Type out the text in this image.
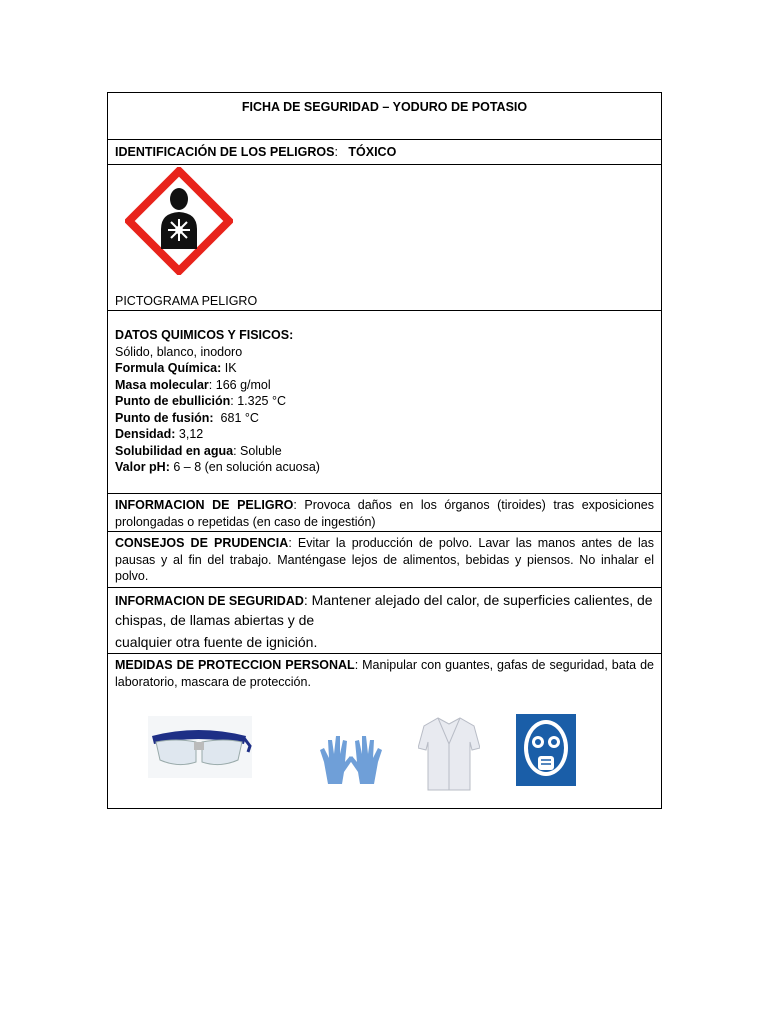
FICHA DE SEGURIDAD – YODURO DE POTASIO
IDENTIFICACIÓN DE LOS PELIGROS:   TÓXICO
PICTOGRAMA PELIGRO
DATOS QUIMICOS Y FISICOS:
Sólido, blanco, inodoro
Formula Química: IK
Masa molecular: 166 g/mol
Punto de ebullición: 1.325 °C
Punto de fusión:  681 °C
Densidad: 3,12
Solubilidad en agua: Soluble
Valor pH: 6 – 8 (en solución acuosa)
INFORMACION DE PELIGRO: Provoca daños en los órganos (tiroides) tras exposiciones prolongadas o repetidas (en caso de ingestión)
CONSEJOS DE PRUDENCIA: Evitar la producción de polvo. Lavar las manos antes de las pausas y al fin del trabajo. Manténgase lejos de alimentos, bebidas y piensos. No inhalar el polvo.
INFORMACION DE SEGURIDAD: Mantener alejado del calor, de superficies calientes, de chispas, de llamas abiertas y de
cualquier otra fuente de ignición.
MEDIDAS DE PROTECCION PERSONAL: Manipular con guantes, gafas de seguridad, bata de laboratorio, mascara de protección.
